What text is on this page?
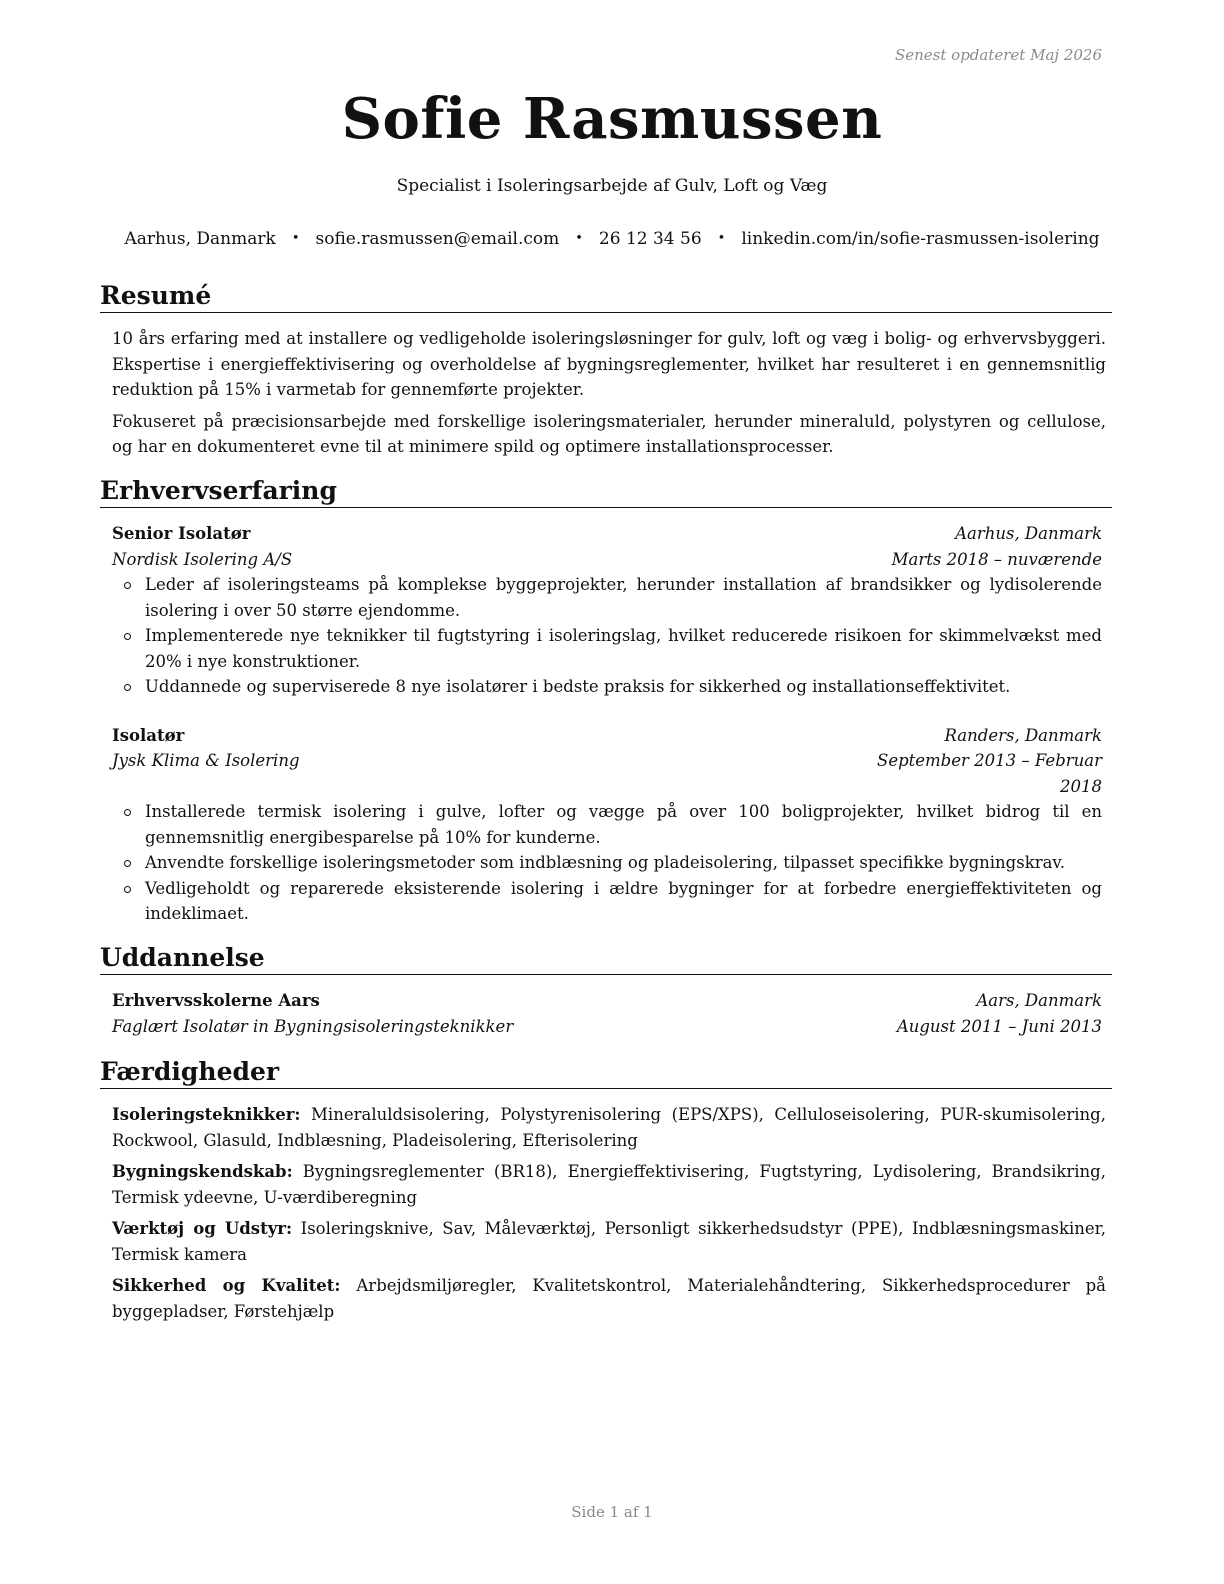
Senest opdateret Maj 2026
Sofie Rasmussen
Specialist i Isoleringsarbejde af Gulv, Loft og Væg
Aarhus, Danmark • sofie.rasmussen@email.com • 26 12 34 56 • linkedin.com/in/sofie-rasmussen-isolering
Resumé

10 års erfaring med at installere og vedligeholde isoleringsløsninger for gulv, loft og væg i bolig- og erhvervsbyggeri. Ekspertise i energieffektivisering og overholdelse af bygningsreglementer, hvilket har resulteret i en gennemsnitlig reduktion på 15% i varmetab for gennemførte projekter.

Fokuseret på præcisionsarbejde med forskellige isoleringsmaterialer, herunder mineraluld, polystyren og cellulose, og har en dokumenteret evne til at minimere spild og optimere installationsprocesser.

Erhvervserfaring
Senior Isolatør	Aarhus, Danmark
Nordisk Isolering A/S	Marts 2018 – nuværende
Leder af isoleringsteams på komplekse byggeprojekter, herunder installation af brandsikker og lydisolerende isolering i over 50 større ejendomme.
Implementerede nye teknikker til fugtstyring i isoleringslag, hvilket reducerede risikoen for skimmelvækst med 20% i nye konstruktioner.
Uddannede og superviserede 8 nye isolatører i bedste praksis for sikkerhed og installationseffektivitet.
Isolatør	Randers, Danmark
Jysk Klima & Isolering	September 2013 – Februar
2018
Installerede termisk isolering i gulve, lofter og vægge på over 100 boligprojekter, hvilket bidrog til en gennemsnitlig energibesparelse på 10% for kunderne.
Anvendte forskellige isoleringsmetoder som indblæsning og pladeisolering, tilpasset specifikke bygningskrav.
Vedligeholdt og reparerede eksisterende isolering i ældre bygninger for at forbedre energieffektiviteten og indeklimaet.
Uddannelse
Erhvervsskolerne Aars	Aars, Danmark
Faglært Isolatør in Bygningsisoleringsteknikker	August 2011 – Juni 2013
Færdigheder

Isoleringsteknikker: Mineraluldsisolering, Polystyrenisolering (EPS/XPS), Celluloseisolering, PUR-skumisolering, Rockwool, Glasuld, Indblæsning, Pladeisolering, Efterisolering

Bygningskendskab: Bygningsreglementer (BR18), Energieffektivisering, Fugtstyring, Lydisolering, Brandsikring, Termisk ydeevne, U-værdiberegning

Værktøj og Udstyr: Isoleringsknive, Sav, Måleværktøj, Personligt sikkerhedsudstyr (PPE), Indblæsningsmaskiner, Termisk kamera

Sikkerhed og Kvalitet: Arbejdsmiljøregler, Kvalitetskontrol, Materialehåndtering, Sikkerhedsprocedurer på byggepladser, Førstehjælp

Side 1 af 1
